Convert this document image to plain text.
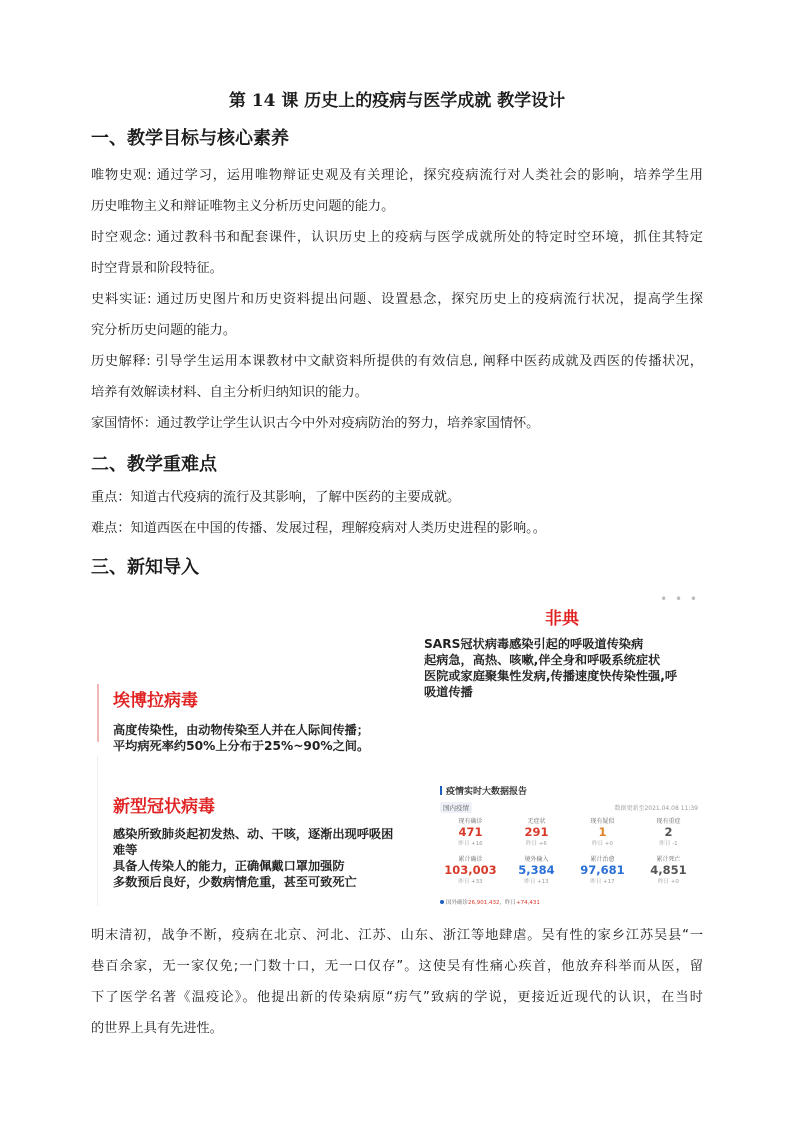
第 14 课 历史上的疫病与医学成就 教学设计
一、教学目标与核心素养
唯物史观: 通过学习，运用唯物辩证史观及有关理论，探究疫病流行对人类社会的影响，培养学生用
历史唯物主义和辩证唯物主义分析历史问题的能力。
时空观念: 通过教科书和配套课件，认识历史上的疫病与医学成就所处的特定时空环境，抓住其特定
时空背景和阶段特征。
史料实证: 通过历史图片和历史资料提出问题、设置悬念，探究历史上的疫病流行状况，提高学生探
究分析历史问题的能力。
历史解释: 引导学生运用本课教材中文献资料所提供的有效信息, 阐释中医药成就及西医的传播状况，
培养有效解读材料、自主分析归纳知识的能力。
家国情怀：通过教学让学生认识古今中外对疫病防治的努力，培养家国情怀。
二、教学重难点
重点：知道古代疫病的流行及其影响，了解中医药的主要成就。
难点：知道西医在中国的传播、发展过程，理解疫病对人类历史进程的影响。。
三、新知导入
• • •
非典
SARS冠状病毒感染引起的呼吸道传染病
起病急，高热、咳嗽,伴全身和呼吸系统症状
医院或家庭聚集性发病,传播速度快传染性强,呼
吸道传播
埃博拉病毒
高度传染性，由动物传染至人并在人际间传播；
平均病死率约50%上分布于25%~90%之间。
新型冠状病毒
感染所致肺炎起初发热、动、干咳，逐渐出现呼吸困
难等
具备人传染人的能力，正确佩戴口罩加强防
多数预后良好，少数病情危重，甚至可致死亡
疫情实时大数据报告
国内疫情	数据更新至2021.04.08 11:39
现有确诊
471
昨日 +16
无症状
291
昨日 +6
现有疑似
1
昨日 +0
现有重症
2
昨日 -1
累计确诊
103,003
昨日 +33
境外输入
5,384
昨日 +13
累计治愈
97,681
昨日 +17
累计死亡
4,851
昨日 +0
国外确诊26,901,432，昨日+74,431
明末清初，战争不断，疫病在北京、河北、江苏、山东、浙江等地肆虐。吴有性的家乡江苏吴县“一
巷百余家，无一家仅免;一门数十口，无一口仅存”。这使吴有性痛心疾首，他放弃科举而从医，留
下了医学名著《温疫论》。他提出新的传染病原“疠气”致病的学说，更接近近现代的认识，在当时
的世界上具有先进性。
